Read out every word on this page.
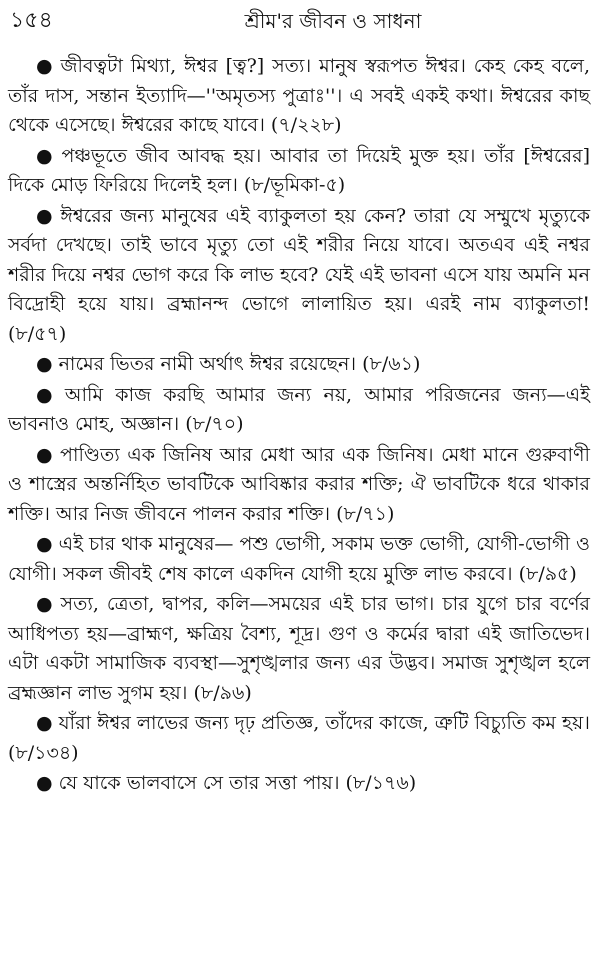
১৫৪	শ্রীম'র জীবন ও সাধনা

● জীবত্বটা মিথ্যা, ঈশ্বর [ত্ব?] সত্য। মানুষ স্বরূপত ঈশ্বর। কেহ কেহ বলে, তাঁর দাস, সন্তান ইত্যাদি—''অমৃতস্য পুত্রাঃ''। এ সবই একই কথা। ঈশ্বরের কাছ থেকে এসেছে। ঈশ্বরের কাছে যাবে। (৭/২২৮)

● পঞ্চভূতে জীব আবদ্ধ হয়। আবার তা দিয়েই মুক্ত হয়। তাঁর [ঈশ্বরের] দিকে মোড় ফিরিয়ে দিলেই হল। (৮/ভূমিকা-৫)

● ঈশ্বরের জন্য মানুষের এই ব্যাকুলতা হয় কেন? তারা যে সম্মুখে মৃত্যুকে সর্বদা দেখছে। তাই ভাবে মৃত্যু তো এই শরীর নিয়ে যাবে। অতএব এই নশ্বর শরীর দিয়ে নশ্বর ভোগ করে কি লাভ হবে? যেই এই ভাবনা এসে যায় অমনি মন বিদ্রোহী হয়ে যায়। ব্রহ্মানন্দ ভোগে লালায়িত হয়। এরই নাম ব্যাকুলতা! (৮/৫৭)

● নামের ভিতর নামী অর্থাৎ ঈশ্বর রয়েছেন। (৮/৬১)

● আমি কাজ করছি আমার জন্য নয়, আমার পরিজনের জন্য—এই ভাবনাও মোহ, অজ্ঞান। (৮/৭০)

● পাণ্ডিত্য এক জিনিষ আর মেধা আর এক জিনিষ। মেধা মানে গুরুবাণী ও শাস্ত্রের অন্তর্নিহিত ভাবটিকে আবিষ্কার করার শক্তি; ঐ ভাবটিকে ধরে থাকার শক্তি। আর নিজ জীবনে পালন করার শক্তি। (৮/৭১)

● এই চার থাক মানুষের— পশু ভোগী, সকাম ভক্ত ভোগী, যোগী-ভোগী ও যোগী। সকল জীবই শেষ কালে একদিন যোগী হয়ে মুক্তি লাভ করবে। (৮/৯৫)

● সত্য, ত্রেতা, দ্বাপর, কলি—সময়ের এই চার ভাগ। চার যুগে চার বর্ণের আধিপত্য হয়—ব্রাহ্মণ, ক্ষত্রিয় বৈশ্য, শূদ্র। গুণ ও কর্মের দ্বারা এই জাতিভেদ। এটা একটা সামাজিক ব্যবস্থা—সুশৃঙ্খলার জন্য এর উদ্ভব। সমাজ সুশৃঙ্খল হলে ব্রহ্মজ্ঞান লাভ সুগম হয়। (৮/৯৬)

● যাঁরা ঈশ্বর লাভের জন্য দৃঢ় প্রতিজ্ঞ, তাঁদের কাজে, ত্রুটি বিচ্যুতি কম হয়। (৮/১৩৪)

● যে যাকে ভালবাসে সে তার সত্তা পায়। (৮/১৭৬)
